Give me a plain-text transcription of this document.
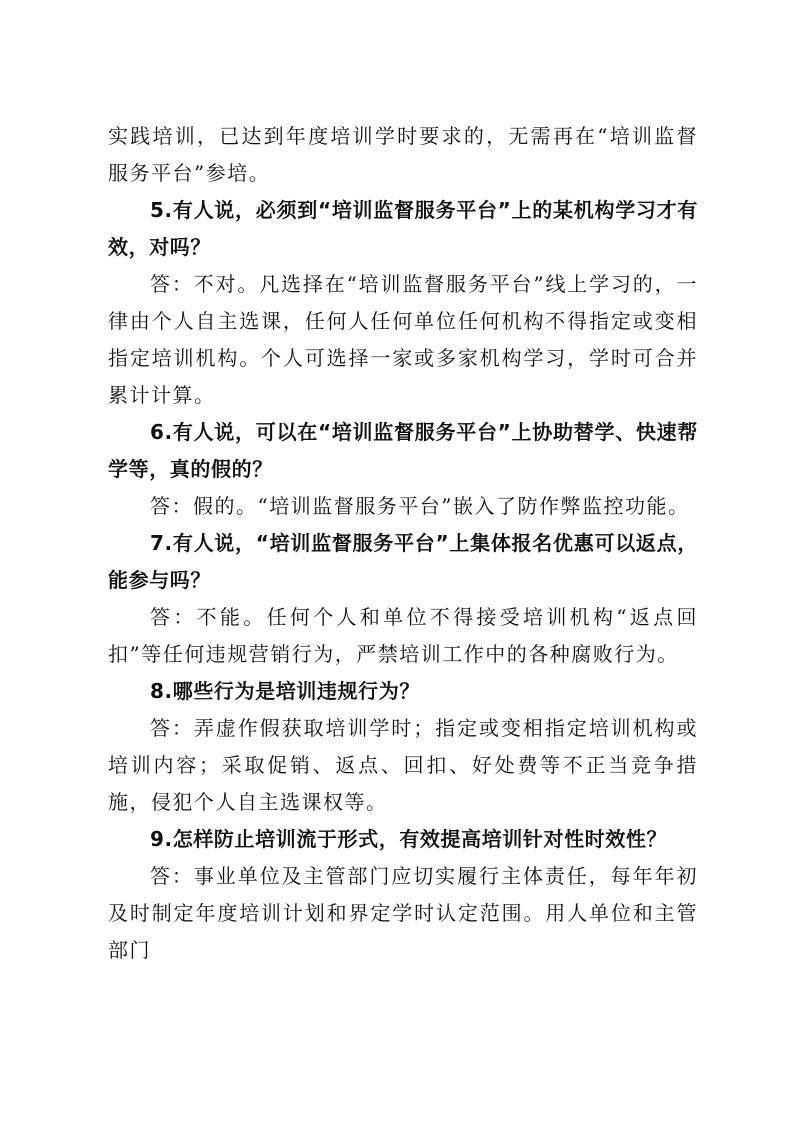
实践培训，已达到年度培训学时要求的，无需再在“培训监督服务平台”参培。

5.有人说，必须到“培训监督服务平台”上的某机构学习才有效，对吗？

答：不对。凡选择在“培训监督服务平台”线上学习的，一律由个人自主选课，任何人任何单位任何机构不得指定或变相指定培训机构。个人可选择一家或多家机构学习，学时可合并累计计算。

6.有人说，可以在“培训监督服务平台”上协助替学、快速帮学等，真的假的？

答：假的。“培训监督服务平台”嵌入了防作弊监控功能。

7.有人说，“培训监督服务平台”上集体报名优惠可以返点，能参与吗？

答：不能。任何个人和单位不得接受培训机构“返点回扣”等任何违规营销行为，严禁培训工作中的各种腐败行为。

8.哪些行为是培训违规行为？

答：弄虚作假获取培训学时；指定或变相指定培训机构或培训内容；采取促销、返点、回扣、好处费等不正当竞争措施，侵犯个人自主选课权等。

9.怎样防止培训流于形式，有效提高培训针对性时效性？

答：事业单位及主管部门应切实履行主体责任，每年年初及时制定年度培训计划和界定学时认定范围。用人单位和主管部门
